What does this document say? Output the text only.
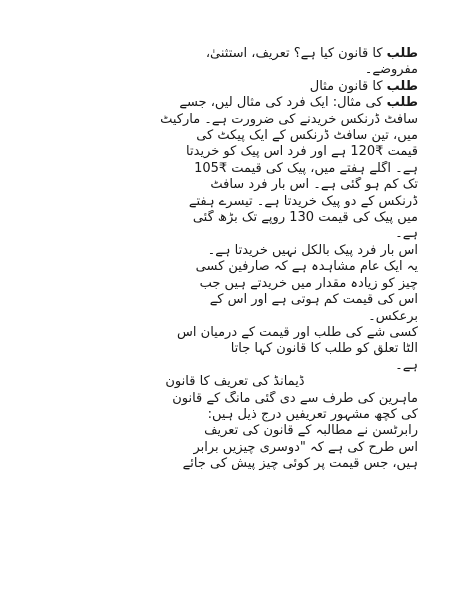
طلب کا قانون کیا ہے؟ تعریف، استثنیٰ،
مفروضے۔
طلب کا قانون مثال
طلب کی مثال: ایک فرد کی مثال لیں، جسے
سافٹ ڈرنکس خریدنے کی ضرورت ہے۔ مارکیٹ
میں، تین سافٹ ڈرنکس کے ایک پیکٹ کی
قیمت ₹120 ہے اور فرد اس پیک کو خریدتا
ہے۔ اگلے ہفتے میں، پیک کی قیمت ₹105
تک کم ہو گئی ہے۔ اس بار فرد سافٹ
ڈرنکس کے دو پیک خریدتا ہے۔ تیسرے ہفتے
میں پیک کی قیمت 130 روپے تک بڑھ گئی
ہے۔
اس بار فرد پیک بالکل نہیں خریدتا ہے۔
یہ ایک عام مشاہدہ ہے کہ صارفین کسی
چیز کو زیادہ مقدار میں خریدتے ہیں جب
اس کی قیمت کم ہوتی ہے اور اس کے
برعکس۔
کسی شے کی طلب اور قیمت کے درمیان اس
الٹا تعلق کو طلب کا قانون کہا جاتا
ہے۔
ڈیمانڈ کی تعریف کا قانون
ماہرین کی طرف سے دی گئی مانگ کے قانون
کی کچھ مشہور تعریفیں درج ذیل ہیں:
رابرٹسن نے مطالبہ کے قانون کی تعریف
اس طرح کی ہے کہ "دوسری چیزیں برابر
ہیں، جس قیمت پر کوئی چیز پیش کی جائے
